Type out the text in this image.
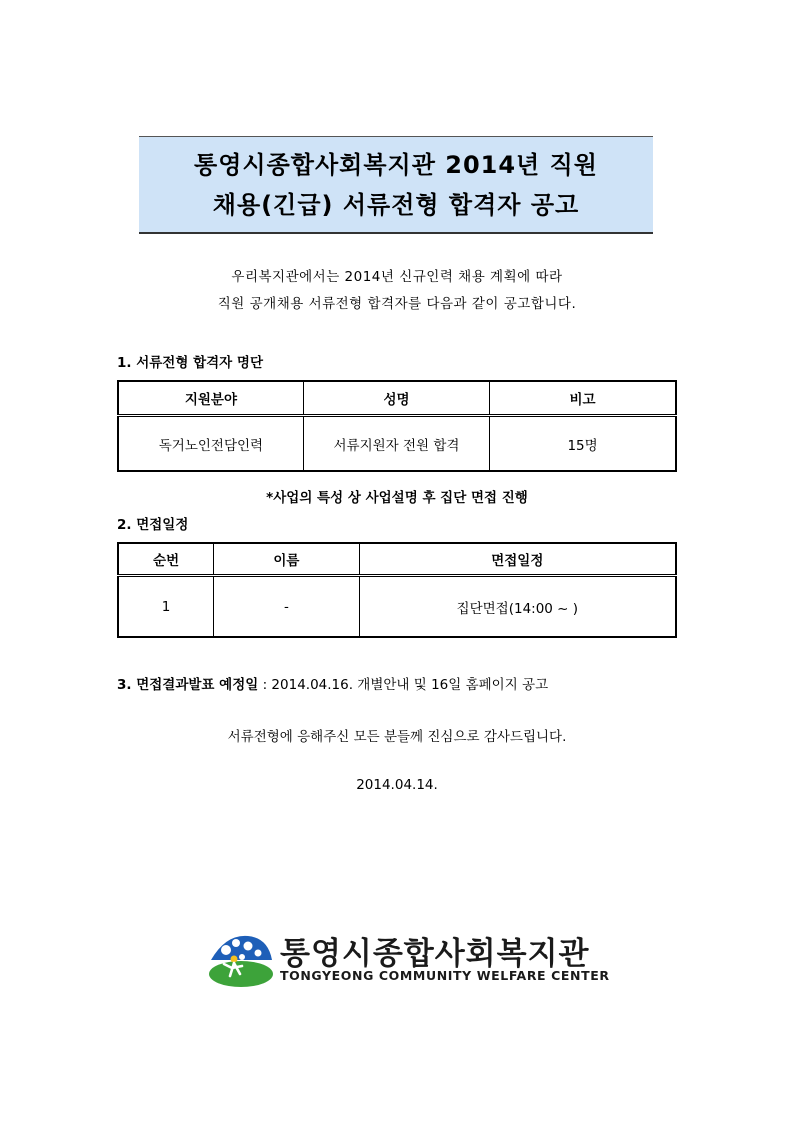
통영시종합사회복지관 2014년 직원
채용(긴급) 서류전형 합격자 공고
우리복지관에서는 2014년 신규인력 채용 계획에 따라
직원 공개채용 서류전형 합격자를 다음과 같이 공고합니다.
1. 서류전형 합격자 명단
지원분야	성명	비고
독거노인전담인력	서류지원자 전원 합격	15명
*사업의 특성 상 사업설명 후 집단 면접 진행
2. 면접일정
순번	이름	면접일정
1	-	집단면접(14:00 ~ )
3. 면접결과발표 예정일 : 2014.04.16. 개별안내 및 16일 홈페이지 공고
서류전형에 응해주신 모든 분들께 진심으로 감사드립니다.
2014.04.14.
통영시종합사회복지관
TONGYEONG COMMUNITY WELFARE CENTER
